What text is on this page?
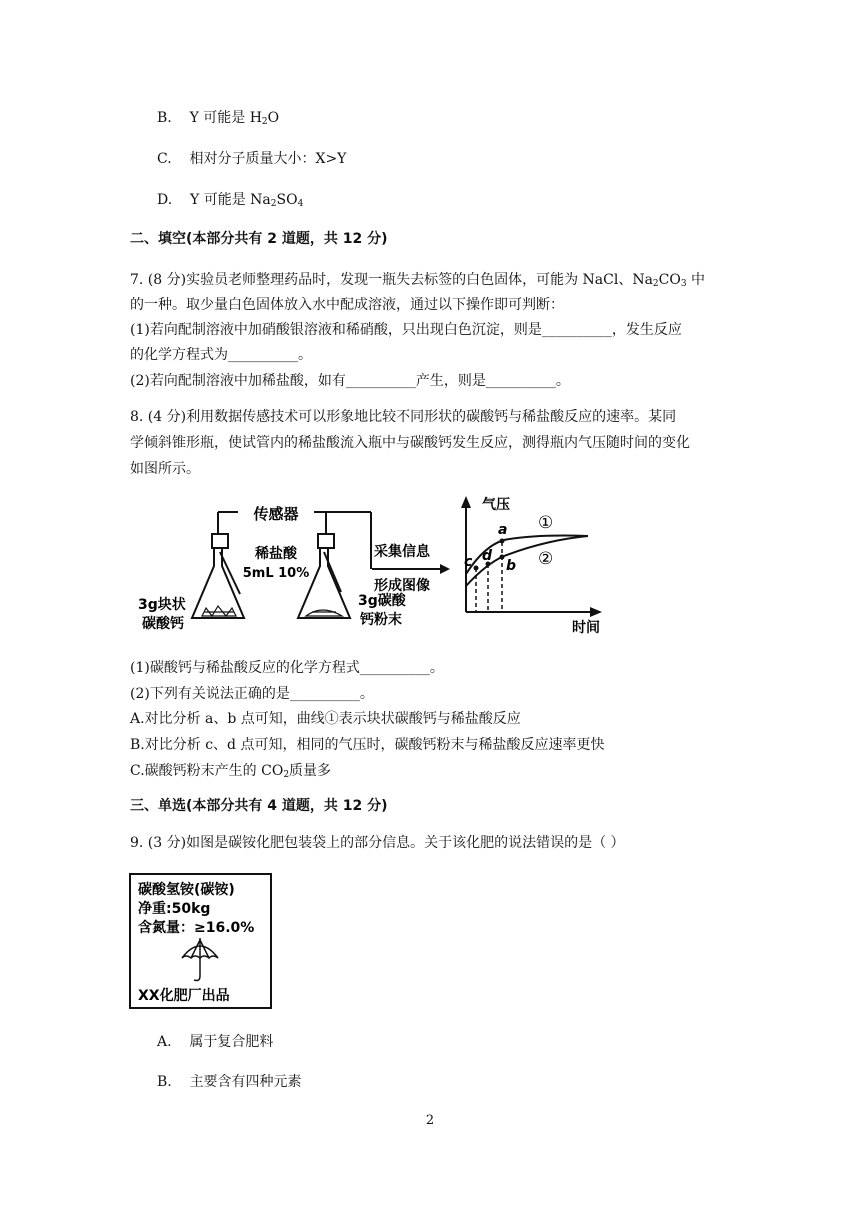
B. Y 可能是 $H_2O$
C. 相对分子质量大小：X>Y
D. Y 可能是 $Na_2SO_4$
二、填空(本部分共有 2 道题，共 12 分)
7. (8 分)实验员老师整理药品时，发现一瓶失去标签的白色固体，可能为 NaCl、$Na_2CO_3$ 中
的一种。取少量白色固体放入水中配成溶液，通过以下操作即可判断：
(1)若向配制溶液中加硝酸银溶液和稀硝酸，只出现白色沉淀，则是__________，发生反应
的化学方程式为__________。
(2)若向配制溶液中加稀盐酸，如有__________产生，则是__________。
8. (4 分)利用数据传感技术可以形象地比较不同形状的碳酸钙与稀盐酸反应的速率。某同
学倾斜锥形瓶，使试管内的稀盐酸流入瓶中与碳酸钙发生反应，测得瓶内气压随时间的变化
如图所示。
传感器
稀盐酸
5mL 10%
3g块状
碳酸钙
3g碳酸
钙粉末
采集信息
形成图像
气压
时间
a
b
c d
①
②
(1)碳酸钙与稀盐酸反应的化学方程式__________。
(2)下列有关说法正确的是__________。
A.对比分析 a、b 点可知，曲线①表示块状碳酸钙与稀盐酸反应
B.对比分析 c、d 点可知，相同的气压时，碳酸钙粉末与稀盐酸反应速率更快
C.碳酸钙粉末产生的 $CO_2$质量多
三、单选(本部分共有 4 道题，共 12 分)
9. (3 分)如图是碳铵化肥包装袋上的部分信息。关于该化肥的说法错误的是（ ）
碳酸氢铵(碳铵)
净重:50kg
含氮量：≥16.0%
XX化肥厂出品
A. 属于复合肥料
B. 主要含有四种元素
2
